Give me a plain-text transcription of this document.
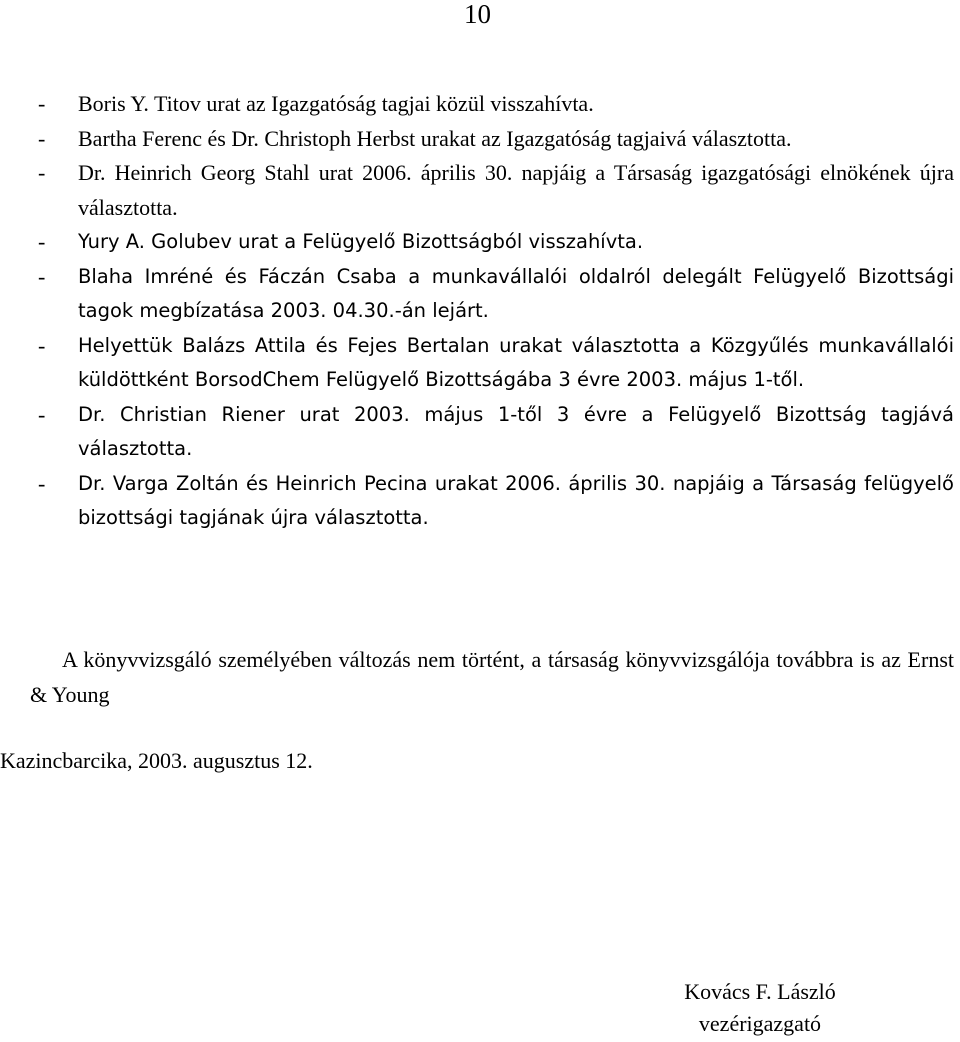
10
-	Boris Y. Titov urat az Igazgatóság tagjai közül visszahívta.
-	Bartha Ferenc és Dr. Christoph Herbst urakat az Igazgatóság tagjaivá választotta.
-	Dr. Heinrich Georg Stahl urat 2006. április 30. napjáig a Társaság igazgatósági elnökének újra választotta.
-	Yury A. Golubev urat a Felügyelő Bizottságból visszahívta.
-	Blaha Imréné és Fáczán Csaba a munkavállalói oldalról delegált Felügyelő Bizottsági tagok megbízatása 2003. 04.30.-án lejárt.
-	Helyettük Balázs Attila és Fejes Bertalan urakat választotta a Közgyűlés munkavállalói küldöttként BorsodChem Felügyelő Bizottságába 3 évre 2003. május 1-től.
-	Dr. Christian Riener urat 2003. május 1-től 3 évre a Felügyelő Bizottság tagjává választotta.
-	Dr. Varga Zoltán és Heinrich Pecina urakat 2006. április 30. napjáig a Társaság felügyelő bizottsági tagjának újra választotta.

A könyvvizsgáló személyében változás nem történt, a társaság könyvvizsgálója továbbra is az Ernst & Young

Kazincbarcika, 2003. augusztus 12.

Kovács F. László
vezérigazgató
